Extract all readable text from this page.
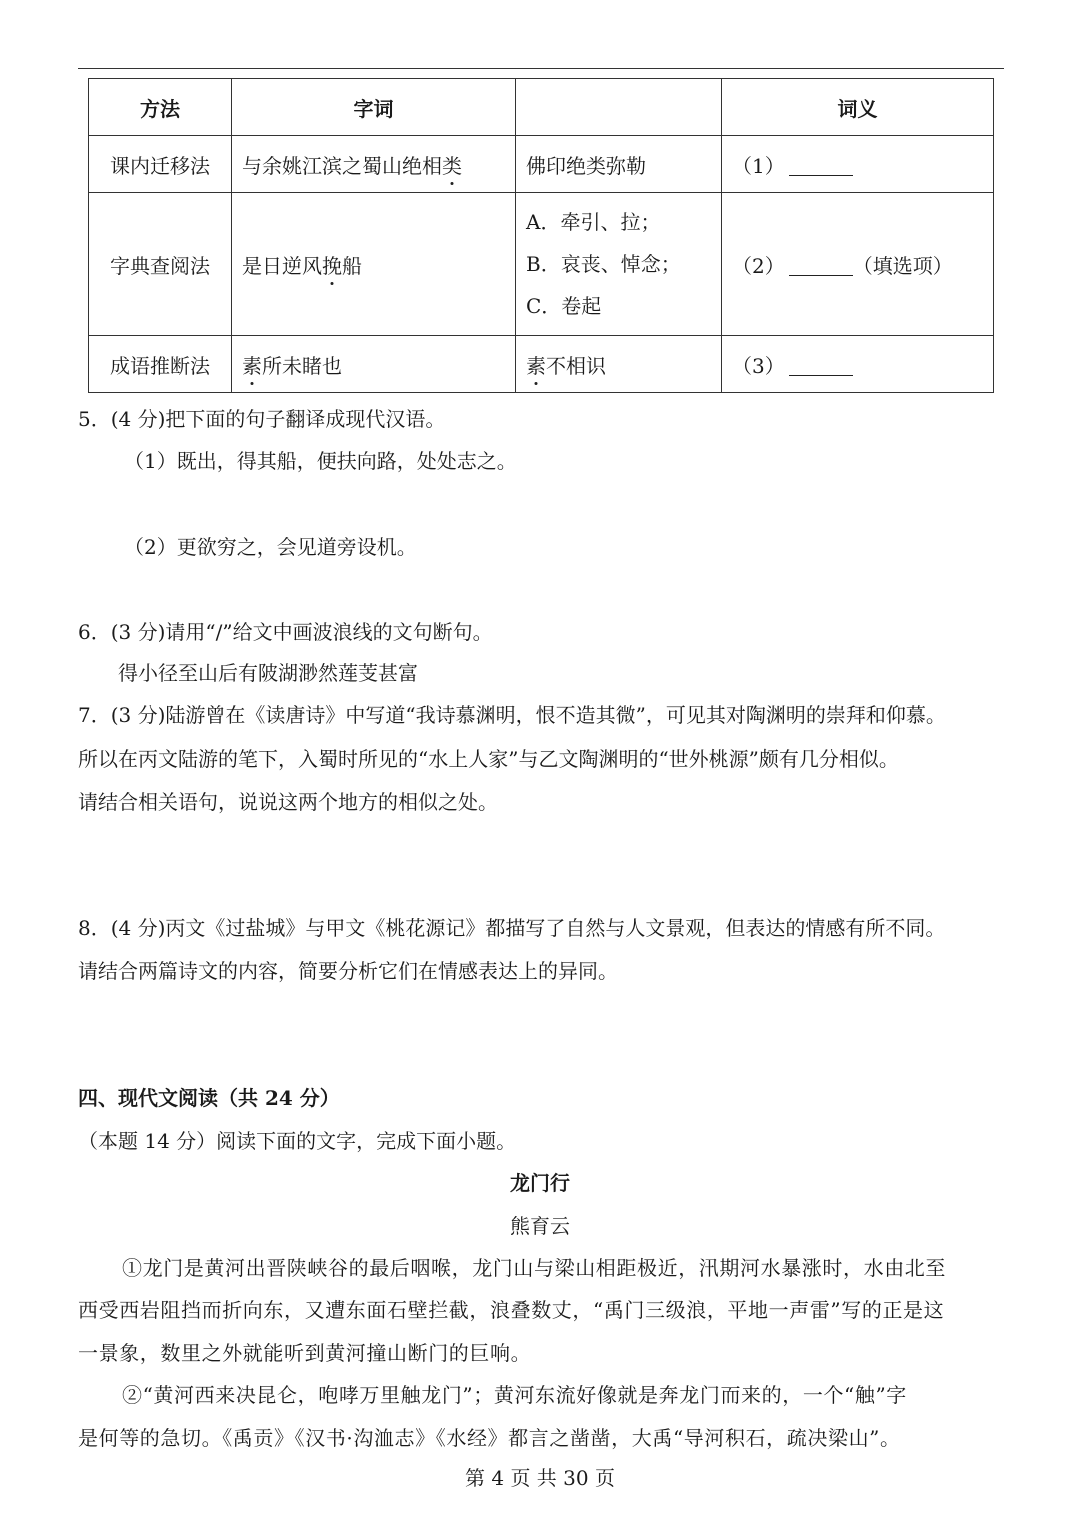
方法	字词		词义
课内迁移法	与余姚江滨之蜀山绝相类	佛印绝类弥勒	（1）
字典查阅法	是日逆风挽船	A．牵引、拉；
B．哀丧、悼念；
C．卷起	（2） （填选项）
成语推断法	素所未睹也	素不相识	（3）
5．(4 分)把下面的句子翻译成现代汉语。
（1）既出，得其船，便扶向路，处处志之。
（2）更欲穷之，会见道旁设机。
6．(3 分)请用“/”给文中画波浪线的文句断句。
得小径至山后有陂湖渺然莲芰甚富
7．(3 分)陆游曾在《读唐诗》中写道“我诗慕渊明，恨不造其微”，可见其对陶渊明的崇拜和仰慕。
所以在丙文陆游的笔下，入蜀时所见的“水上人家”与乙文陶渊明的“世外桃源”颇有几分相似。
请结合相关语句，说说这两个地方的相似之处。
8．(4 分)丙文《过盐城》与甲文《桃花源记》都描写了自然与人文景观，但表达的情感有所不同。
请结合两篇诗文的内容，简要分析它们在情感表达上的异同。
四、现代文阅读（共 24 分）
（本题 14 分）阅读下面的文字，完成下面小题。
龙门行
熊育云
①龙门是黄河出晋陕峡谷的最后咽喉，龙门山与梁山相距极近，汛期河水暴涨时，水由北至
西受西岩阻挡而折向东，又遭东面石壁拦截，浪叠数丈，“禹门三级浪，平地一声雷”写的正是这
一景象，数里之外就能听到黄河撞山断门的巨响。
②“黄河西来决昆仑，咆哮万里触龙门”；黄河东流好像就是奔龙门而来的，一个“触”字
是何等的急切。《禹贡》《汉书·沟洫志》《水经》都言之凿凿，大禹“导河积石，疏决梁山”。
第 4 页 共 30 页
